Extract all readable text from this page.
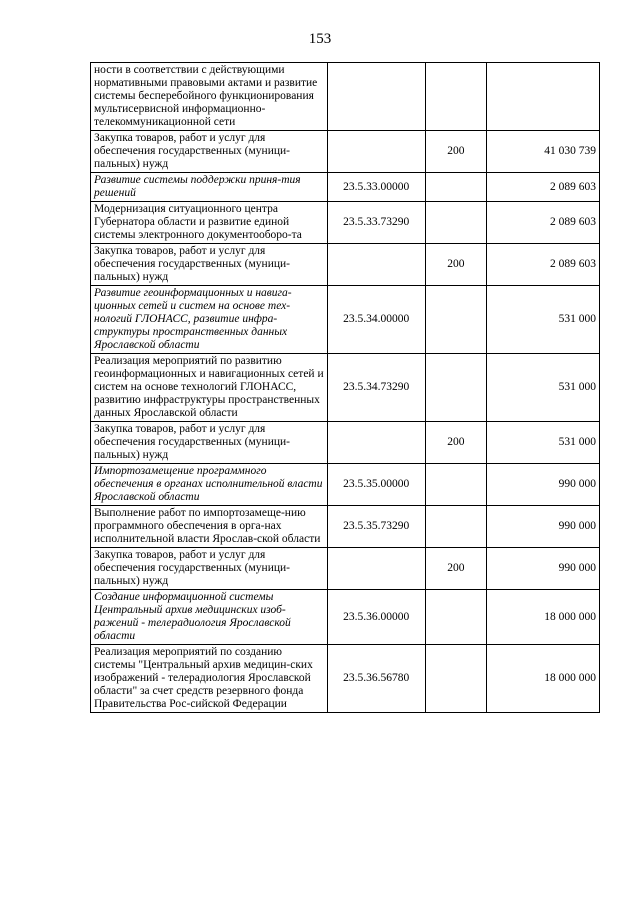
153
ности в соответствии с действующими нормативными правовыми актами и развитие системы бесперебойного функционирования мультисервисной информационно-телекоммуникационной сети			
Закупка товаров, работ и услуг для обеспечения государственных (муници-пальных) нужд		200	41 030 739
Развитие системы поддержки приня-тия решений	23.5.33.00000		2 089 603
Модернизация ситуационного центра Губернатора области и развитие единой системы электронного документооборо-та	23.5.33.73290		2 089 603
Закупка товаров, работ и услуг для обеспечения государственных (муници-пальных) нужд		200	2 089 603
Развитие геоинформационных и навига-ционных сетей и систем на основе тех-нологий ГЛОНАСС, развитие инфра-структуры пространственных данных Ярославской области	23.5.34.00000		531 000
Реализация мероприятий по развитию геоинформационных и навигационных сетей и систем на основе технологий ГЛОНАСС, развитию инфраструктуры пространственных данных Ярославской области	23.5.34.73290		531 000
Закупка товаров, работ и услуг для обеспечения государственных (муници-пальных) нужд		200	531 000
Импортозамещение программного обеспечения в органах исполнительной власти Ярославской области	23.5.35.00000		990 000
Выполнение работ по импортозамеще-нию программного обеспечения в орга-нах исполнительной власти Ярослав-ской области	23.5.35.73290		990 000
Закупка товаров, работ и услуг для обеспечения государственных (муници-пальных) нужд		200	990 000
Создание информационной системы Центральный архив медицинских изоб-ражений - телерадиология Ярославской области	23.5.36.00000		18 000 000
Реализация мероприятий по созданию системы "Центральный архив медицин-ских изображений - телерадиология Ярославской области" за счет средств резервного фонда Правительства Рос-сийской Федерации	23.5.36.56780		18 000 000
